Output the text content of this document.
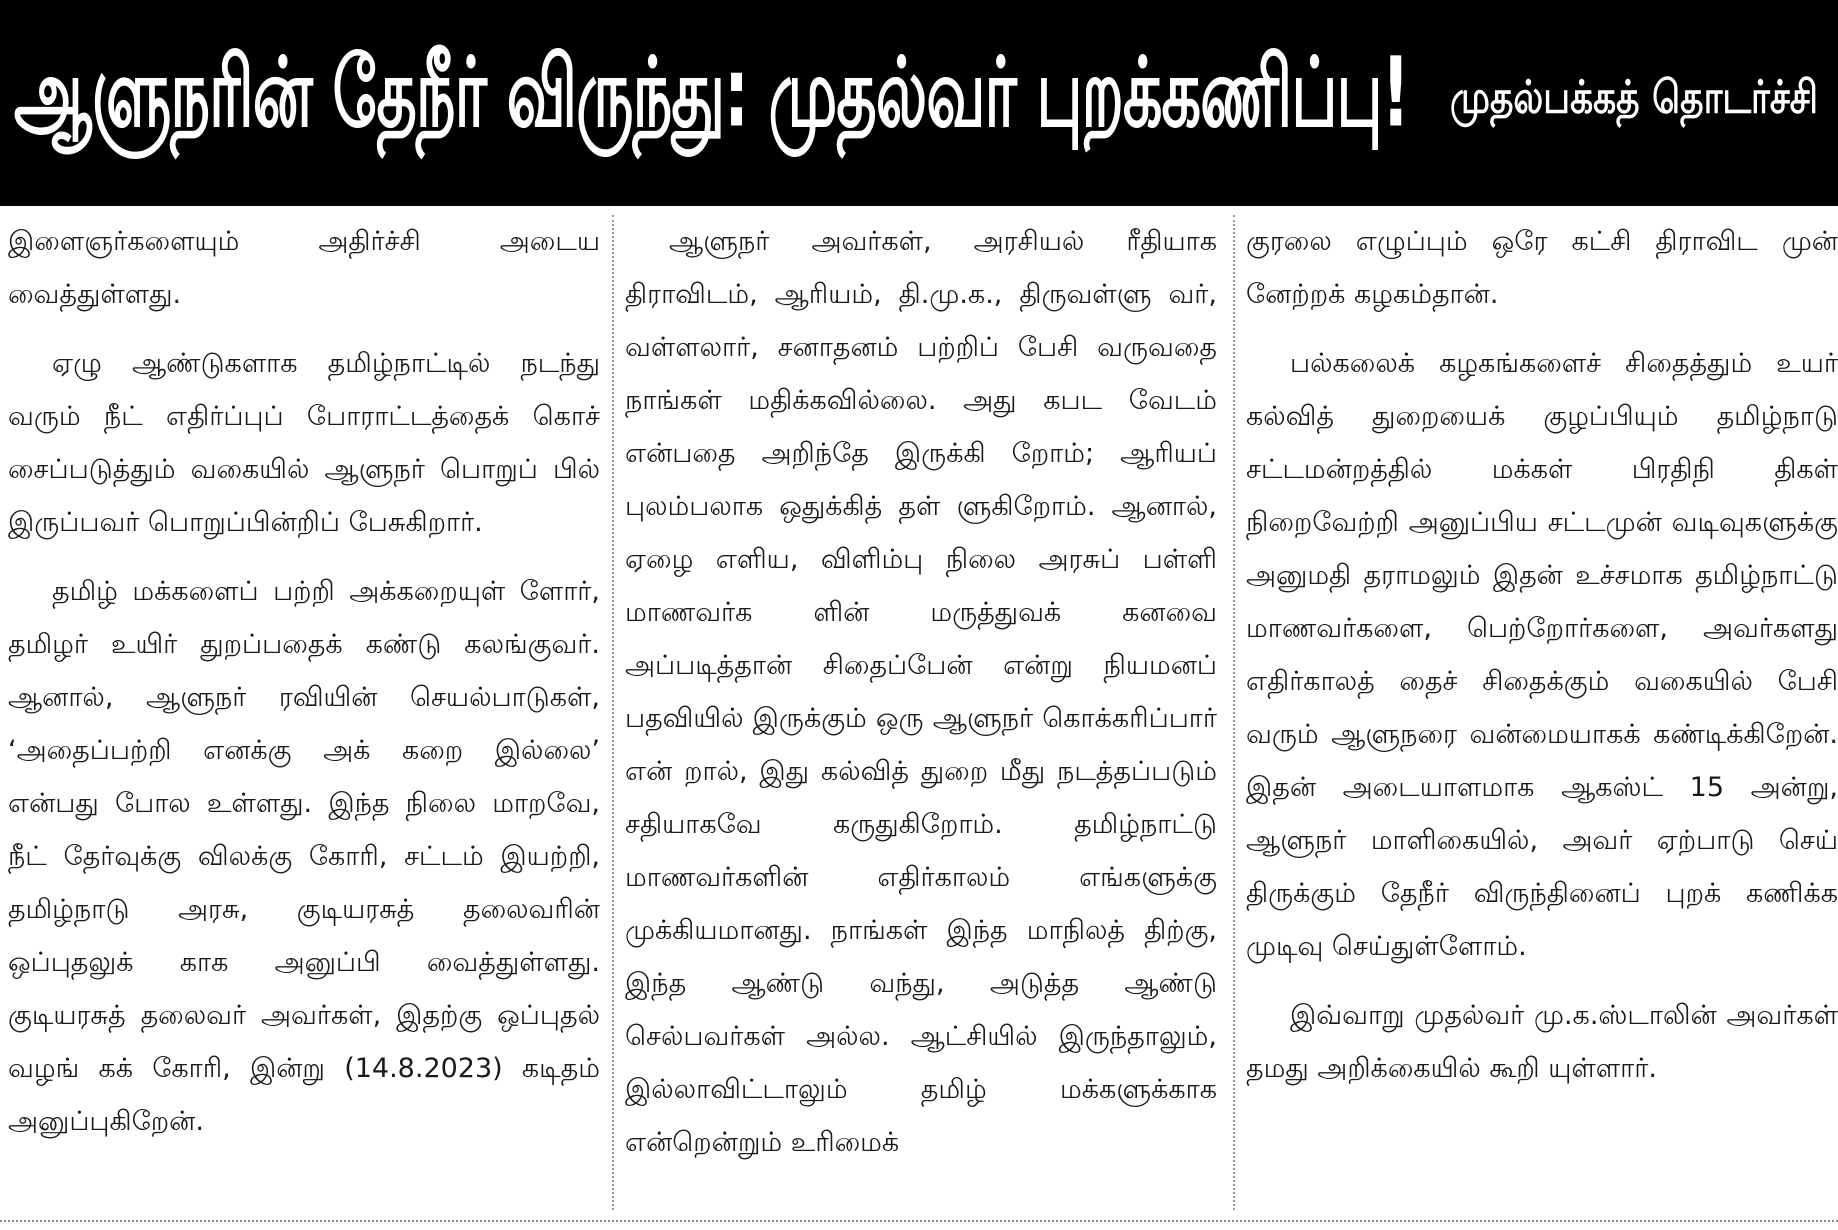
ஆளுநரின் தேநீர் விருந்து: முதல்வர் புறக்கணிப்பு! முதல்பக்கத் தொடர்ச்சி

இளைஞர்களையும் அதிர்ச்சி அடைய வைத்துள்ளது.

ஏழு ஆண்டுகளாக தமிழ்நாட்டில் நடந்து வரும் நீட் எதிர்ப்புப் போராட்டத்தைக் கொச் சைப்படுத்தும் வகையில் ஆளுநர் பொறுப் பில் இருப்பவர் பொறுப்பின்றிப் பேசுகிறார்.

தமிழ் மக்களைப் பற்றி அக்கறையுள் ளோர், தமிழர் உயிர் துறப்பதைக் கண்டு கலங்குவர். ஆனால், ஆளுநர் ரவியின் செயல்பாடுகள், ‘அதைப்பற்றி எனக்கு அக் கறை இல்லை’ என்பது போல உள்ளது. இந்த நிலை மாறவே, நீட் தேர்வுக்கு விலக்கு கோரி, சட்டம் இயற்றி, தமிழ்நாடு அரசு, குடியரசுத் தலைவரின் ஒப்புதலுக் காக அனுப்பி வைத்துள்ளது. குடியரசுத் தலைவர் அவர்கள், இதற்கு ஒப்புதல் வழங் கக் கோரி, இன்று (14.8.2023) கடிதம் அனுப்புகிறேன்.

ஆளுநர் அவர்கள், அரசியல் ரீதியாக திராவிடம், ஆரியம், தி.மு.க., திருவள்ளு வர், வள்ளலார், சனாதனம் பற்றிப் பேசி வருவதை நாங்கள் மதிக்கவில்லை. அது கபட வேடம் என்பதை அறிந்தே இருக்கி றோம்; ஆரியப் புலம்பலாக ஒதுக்கித் தள் ளுகிறோம். ஆனால், ஏழை எளிய, விளிம்பு நிலை அரசுப் பள்ளி மாணவர்க ளின் மருத்துவக் கனவை அப்படித்தான் சிதைப்பேன் என்று நியமனப் பதவியில் இருக்கும் ஒரு ஆளுநர் கொக்கரிப்பார் என் றால், இது கல்வித் துறை மீது நடத்தப்படும் சதியாகவே கருதுகிறோம். தமிழ்நாட்டு மாணவர்களின் எதிர்காலம் எங்களுக்கு முக்கியமானது. நாங்கள் இந்த மாநிலத் திற்கு, இந்த ஆண்டு வந்து, அடுத்த ஆண்டு செல்பவர்கள் அல்ல. ஆட்சியில் இருந்தாலும், இல்லாவிட்டாலும் தமிழ் மக்களுக்காக என்றென்றும் உரிமைக்

குரலை எழுப்பும் ஒரே கட்சி திராவிட முன் னேற்றக் கழகம்தான்.

பல்கலைக் கழகங்களைச் சிதைத்தும் உயர் கல்வித் துறையைக் குழப்பியும் தமிழ்நாடு சட்டமன்றத்தில் மக்கள் பிரதிநி திகள் நிறைவேற்றி அனுப்பிய சட்டமுன் வடிவுகளுக்கு அனுமதி தராமலும் இதன் உச்சமாக தமிழ்நாட்டு மாணவர்களை, பெற்றோர்களை, அவர்களது எதிர்காலத் தைச் சிதைக்கும் வகையில் பேசி வரும் ஆளுநரை வன்மையாகக் கண்டிக்கிறேன். இதன் அடையாளமாக ஆகஸ்ட் 15 அன்று, ஆளுநர் மாளிகையில், அவர் ஏற்பாடு செய் திருக்கும் தேநீர் விருந்தினைப் புறக் கணிக்க முடிவு செய்துள்ளோம்.

இவ்வாறு முதல்வர் மு.க.ஸ்டாலின் அவர்கள் தமது அறிக்கையில் கூறி யுள்ளார்.
